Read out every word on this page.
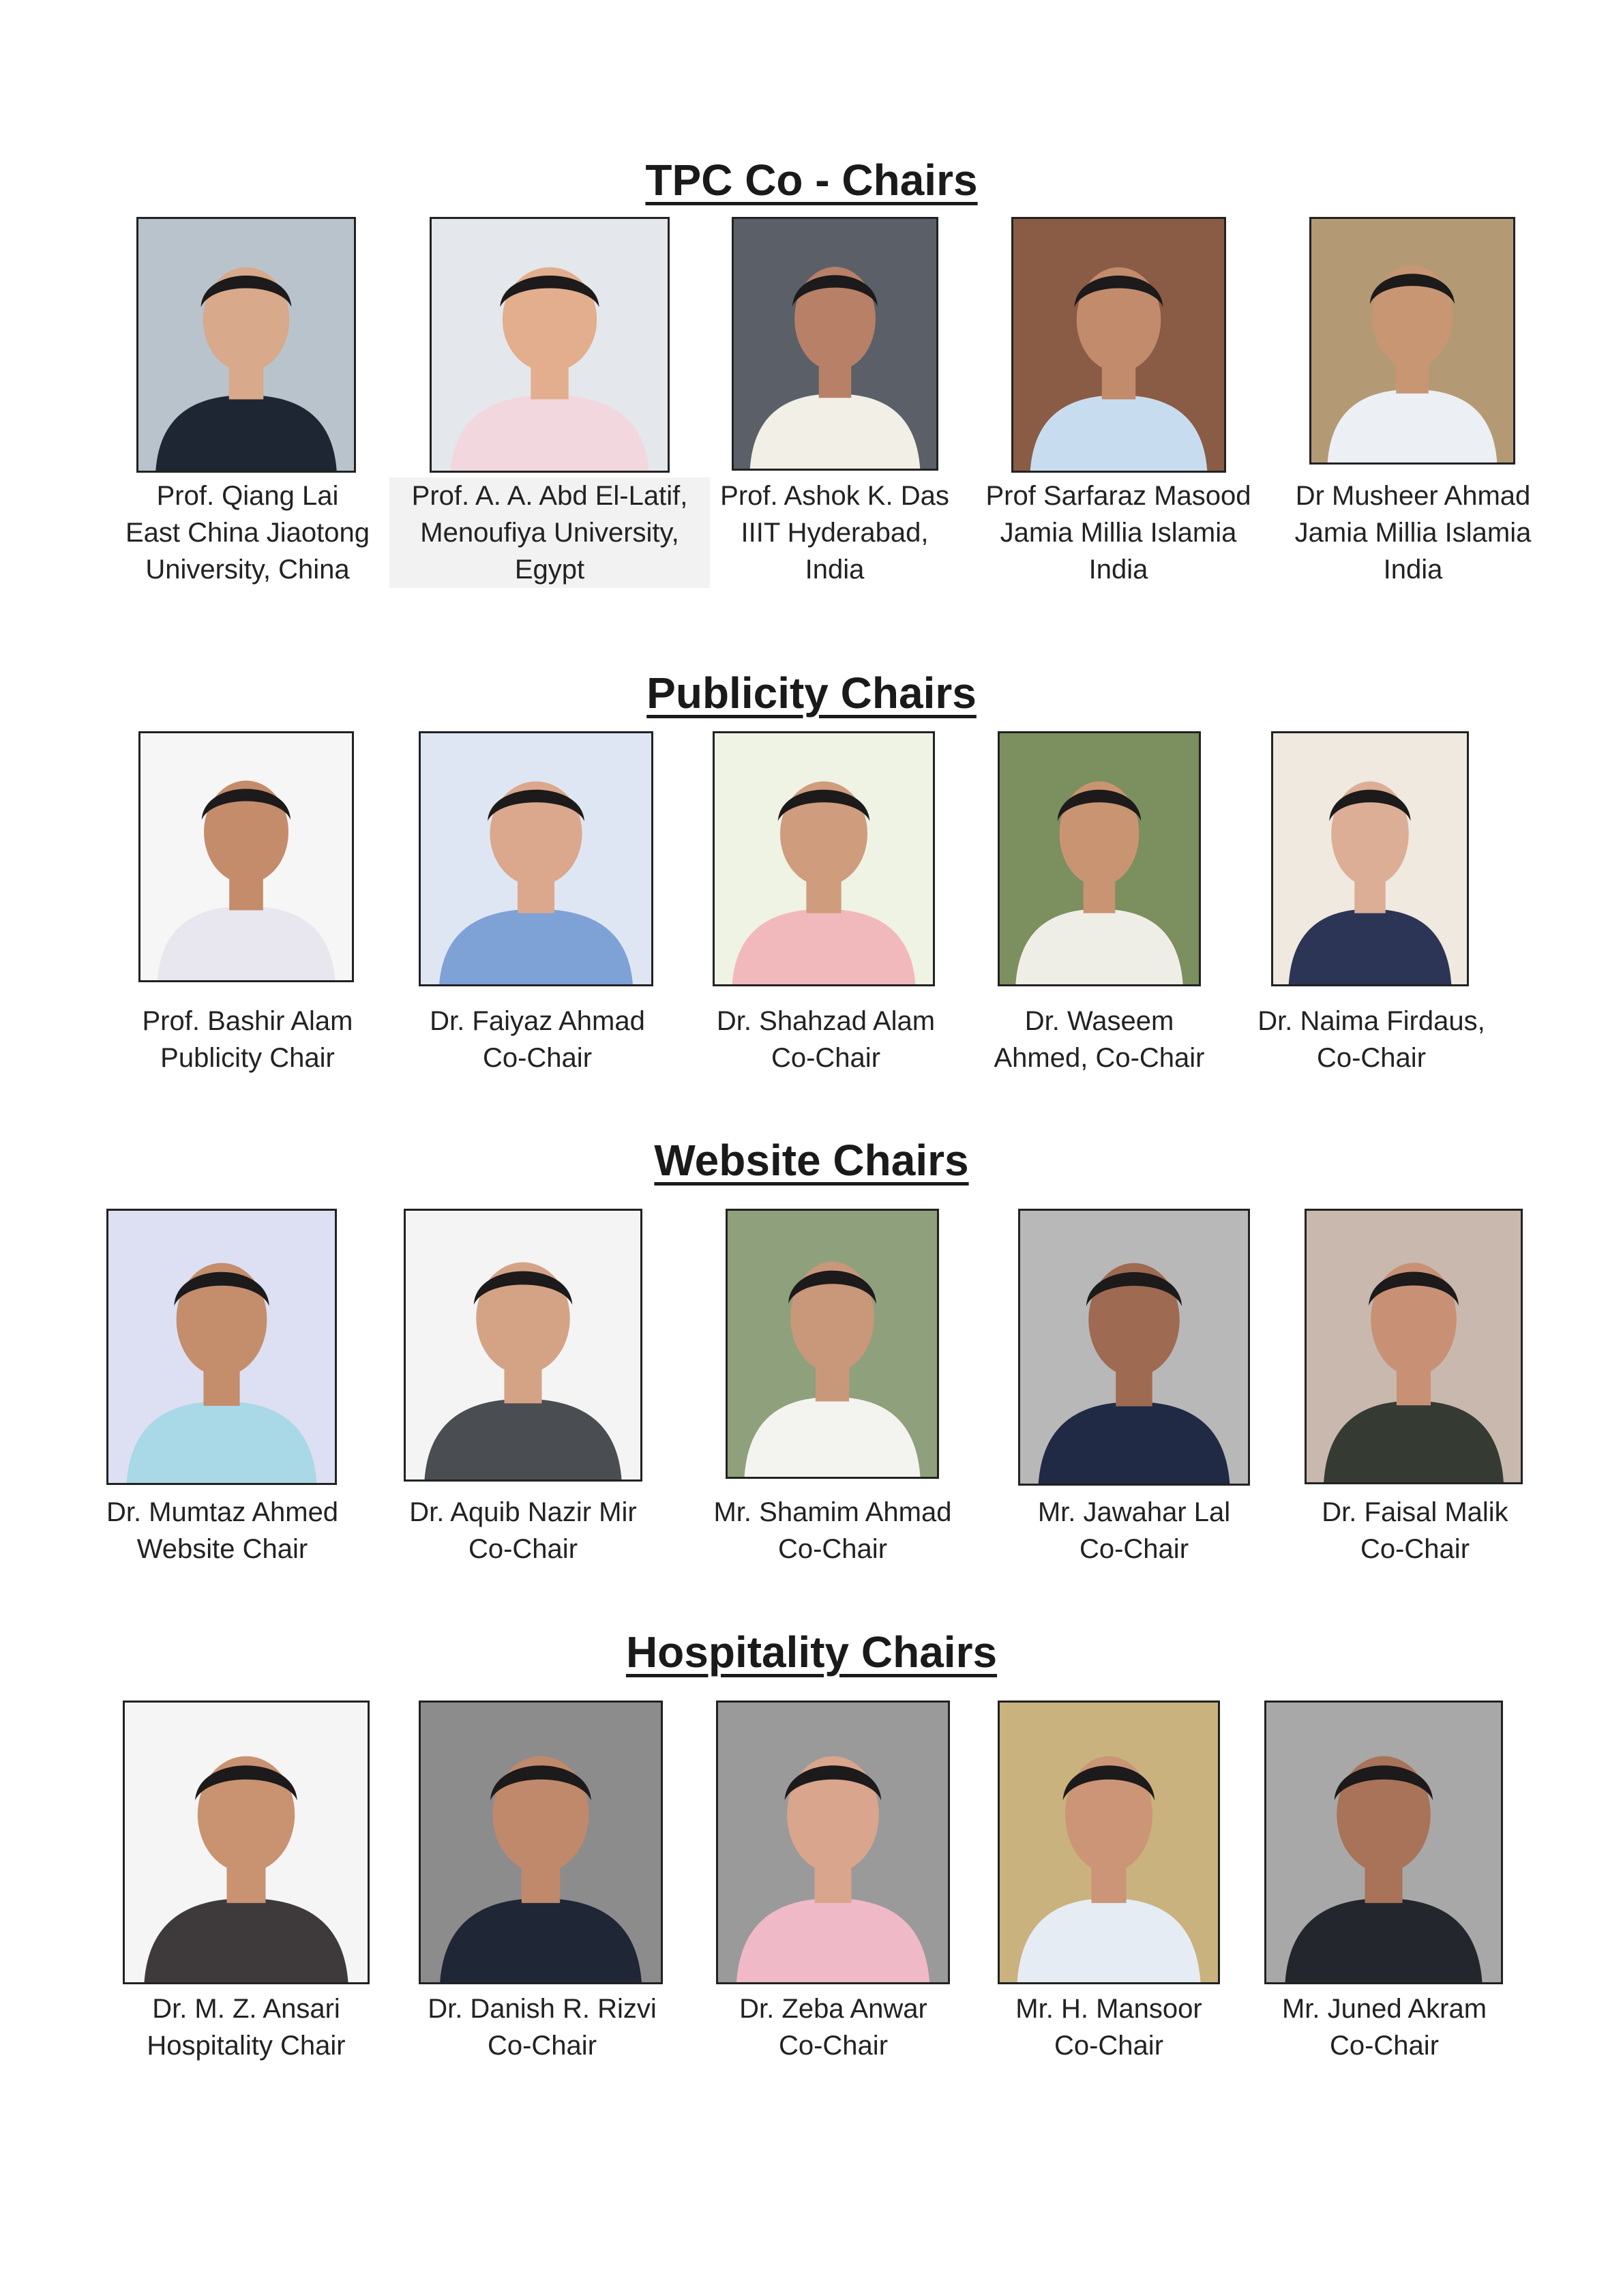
TPC Co - Chairs
Prof. Qiang Lai
East China Jiaotong
University, China
Prof. A. A. Abd El-Latif,
Menoufiya University,
Egypt
Prof. Ashok K. Das
IIIT Hyderabad,
India
Prof Sarfaraz Masood
Jamia Millia Islamia
India
Dr Musheer Ahmad
Jamia Millia Islamia
India
Publicity Chairs
Prof. Bashir Alam
Publicity Chair
Dr. Faiyaz Ahmad
Co-Chair
Dr. Shahzad Alam
Co-Chair
Dr. Waseem
Ahmed, Co-Chair
Dr. Naima Firdaus,
Co-Chair
Website Chairs
Dr. Mumtaz Ahmed
Website Chair
Dr. Aquib Nazir Mir
Co-Chair
Mr. Shamim Ahmad
Co-Chair
Mr. Jawahar Lal
Co-Chair
Dr. Faisal Malik
Co-Chair
Hospitality Chairs
Dr. M. Z. Ansari
Hospitality Chair
Dr. Danish R. Rizvi
Co-Chair
Dr. Zeba Anwar
Co-Chair
Mr. H. Mansoor
Co-Chair
Mr. Juned Akram
Co-Chair
